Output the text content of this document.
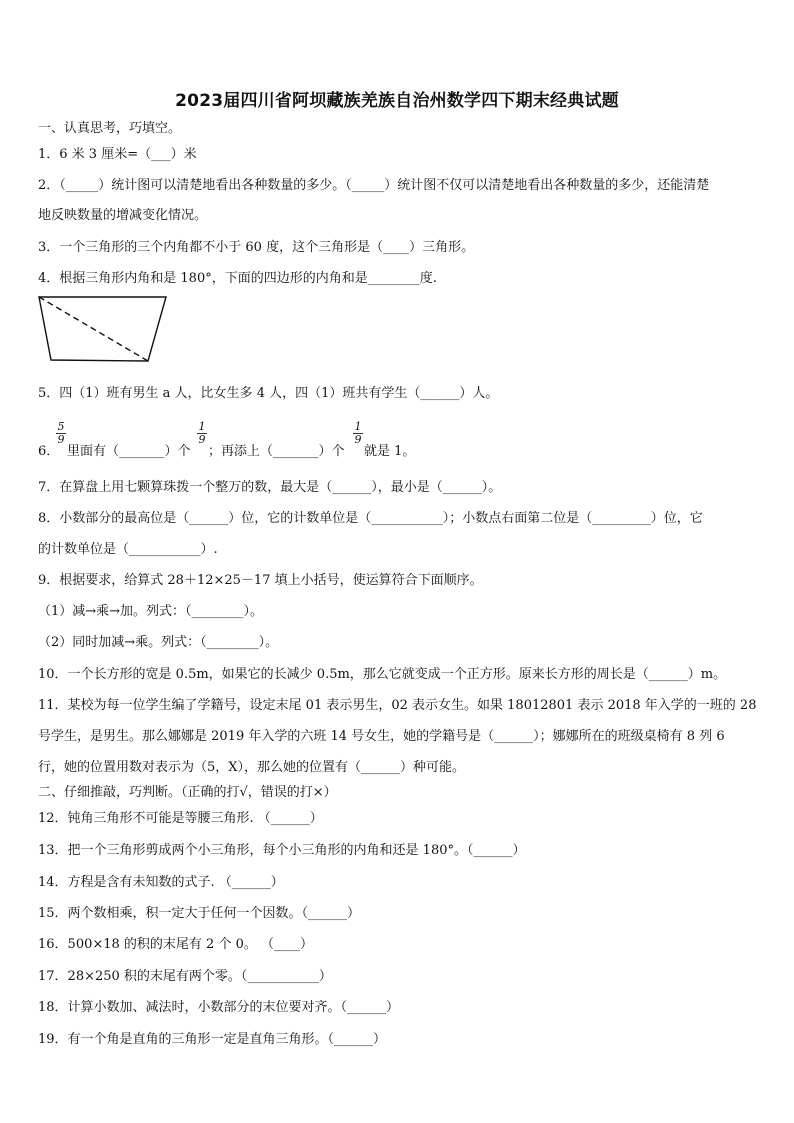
2023届四川省阿坝藏族羌族自治州数学四下期末经典试题
一、认真思考，巧填空。
1．6 米 3 厘米=（___）米
2．（_____）统计图可以清楚地看出各种数量的多少。（_____）统计图不仅可以清楚地看出各种数量的多少，还能清楚
地反映数量的增减变化情况。
3．一个三角形的三个内角都不小于 60 度，这个三角形是（____）三角形。
4．根据三角形内角和是 180°，下面的四边形的内角和是________度.
5．四（1）班有男生 a 人，比女生多 4 人，四（1）班共有学生（______）人。
$\frac{5}{9}$	$\frac{1}{9}$	$\frac{1}{9}$
6． 里面有（_______）个 ；再添上（_______）个 就是 1。
7．在算盘上用七颗算珠拨一个整万的数，最大是（______），最小是（______）。
8．小数部分的最高位是（______）位，它的计数单位是（___________）；小数点右面第二位是（_________）位，它
的计数单位是（___________）.
9．根据要求，给算式 28＋12×25－17 填上小括号，使运算符合下面顺序。
（1）减→乘→加。列式：（________）。
（2）同时加减→乘。列式：（________）。
10．一个长方形的宽是 0.5m，如果它的长减少 0.5m，那么它就变成一个正方形。原来长方形的周长是（______）m。
11．某校为每一位学生编了学籍号，设定末尾 01 表示男生，02 表示女生。如果 18012801 表示 2018 年入学的一班的 28
号学生，是男生。那么娜娜是 2019 年入学的六班 14 号女生，她的学籍号是（______）；娜娜所在的班级桌椅有 8 列 6
行，她的位置用数对表示为（5，X），那么她的位置有（______）种可能。
二、仔细推敲，巧判断。（正确的打√，错误的打×）
12．钝角三角形不可能是等腰三角形. （______）
13．把一个三角形剪成两个小三角形，每个小三角形的内角和还是 180°。（______）
14．方程是含有未知数的式子. （______）
15．两个数相乘，积一定大于任何一个因数。（______）
16．500×18 的积的末尾有 2 个 0。 （____）
17．28×250 积的末尾有两个零。（___________）
18．计算小数加、减法时，小数部分的末位要对齐。（______）
19．有一个角是直角的三角形一定是直角三角形。（______）
